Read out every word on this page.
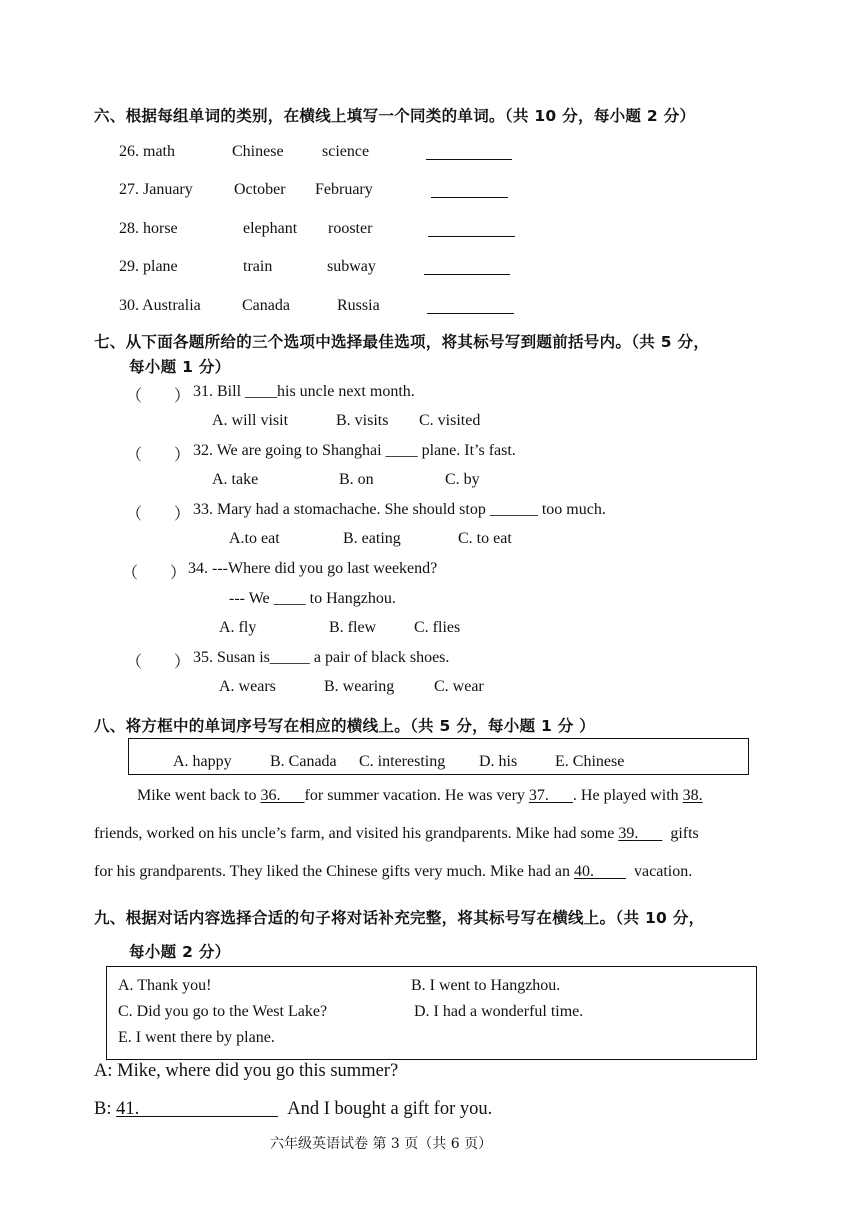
六、根据每组单词的类别，在横线上填写一个同类的单词。（共 10 分，每小题 2 分）
26. math	Chinese science
27. January	October February
28. horse	elephant rooster
29. plane	train	subway
30. Australia	Canada	Russia
七、从下面各题所给的三个选项中选择最佳选项，将其标号写到题前括号内。（共 5 分，
每小题 1 分）
（　　） 31. Bill ____his uncle next month.
A. will visit	B. visits C. visited
（　　） 32. We are going to Shanghai ____ plane. It’s fast.
A. take	B. on	C. by
（　　） 33. Mary had a stomachache. She should stop ______ too much.
A.to eat	B. eating	C. to eat
（　　） 34. ---Where did you go last weekend?
--- We ____ to Hangzhou.
A. fly	B. flew C. flies
（　　） 35. Susan is_____ a pair of black shoes.
A. wears	B. wearing C. wear
八、将方框中的单词序号写在相应的横线上。（共 5 分，每小题 1 分 ）
A. happy B. Canada C. interesting D. his E. Chinese
Mike went back to 36.   for summer vacation. He was very 37.   . He played with 38.
friends, worked on his uncle’s farm, and visited his grandparents. Mike had some 39.    gifts
for his grandparents. They liked the Chinese gifts very much. Mike had an 40.   	vacation.
九、根据对话内容选择合适的句子将对话补充完整，将其标号写在横线上。（共 10 分，
每小题 2 分）
A. Thank you!	B. I went to Hangzhou.
C. Did you go to the West Lake?	D. I had a wonderful time.
E. I went there by plane.
A: Mike, where did you go this summer?
B: 41.         	And I bought a gift for you.
六年级英语试卷 第 3 页（共 6 页）
